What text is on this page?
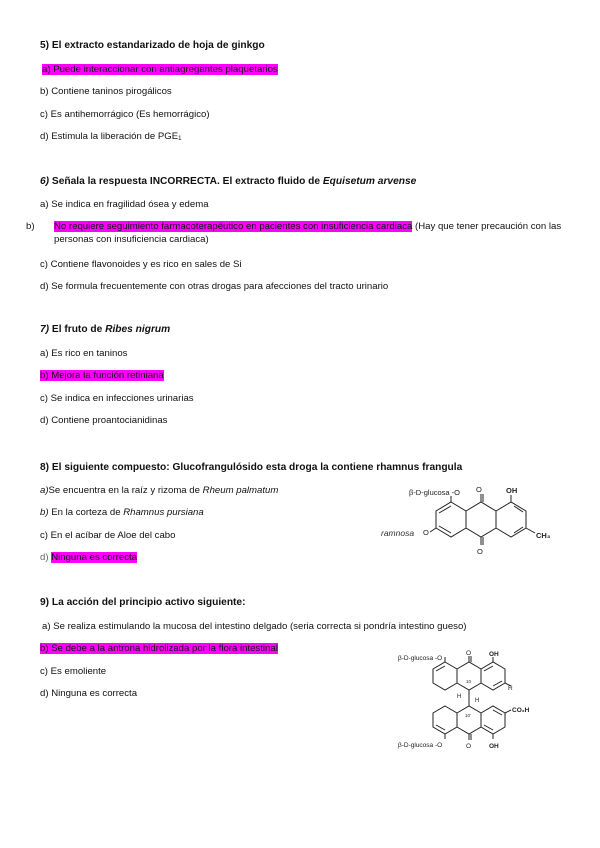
5) El extracto estandarizado de hoja de ginkgo
a) Puede interaccionar con antiagregantes plaquetarios
b) Contiene taninos pirogálicos
c) Es antihemorrágico (Es hemorrágico)
d) Estimula la liberación de PGE1
6) Señala la respuesta INCORRECTA. El extracto fluido de Equisetum arvense
a) Se indica en fragilidad ósea y edema
b) No requiere seguimiento farmacoterapéutico en pacientes con insuficiencia cardiaca (Hay que tener precaución con las personas con insuficiencia cardiaca)
c) Contiene flavonoides y es rico en sales de Si
d) Se formula frecuentemente con otras drogas para afecciones del tracto urinario
7) El fruto de Ribes nigrum
a) Es rico en taninos
b) Mejora la función retiniana
c) Se indica en infecciones urinarias
d) Contiene proantocianidinas
8) El siguiente compuesto: Glucofrangulósido esta droga la contiene rhamnus frangula
a)Se encuentra en la raíz y rizoma de Rheum palmatum
b) En la corteza de Rhamnus pursiana
c) En el acíbar de Aloe del cabo
d) Ninguna es correcta
β-D-glucosa -O O	OH
ramnosa O
O
CH₃
9) La acción del principio activo siguiente:
a) Se realiza estimulando la mucosa del intestino delgado (seria correcta si pondría intestino gueso)
b) Se debe a la antrona hidrolizada por la flora intestinal
c) Es emoliente
d) Ninguna es correcta
β-D-glucosa -O
O	OH
R
CO₂H
H
H
10
10'
β-D-glucosa -O	O	OH
